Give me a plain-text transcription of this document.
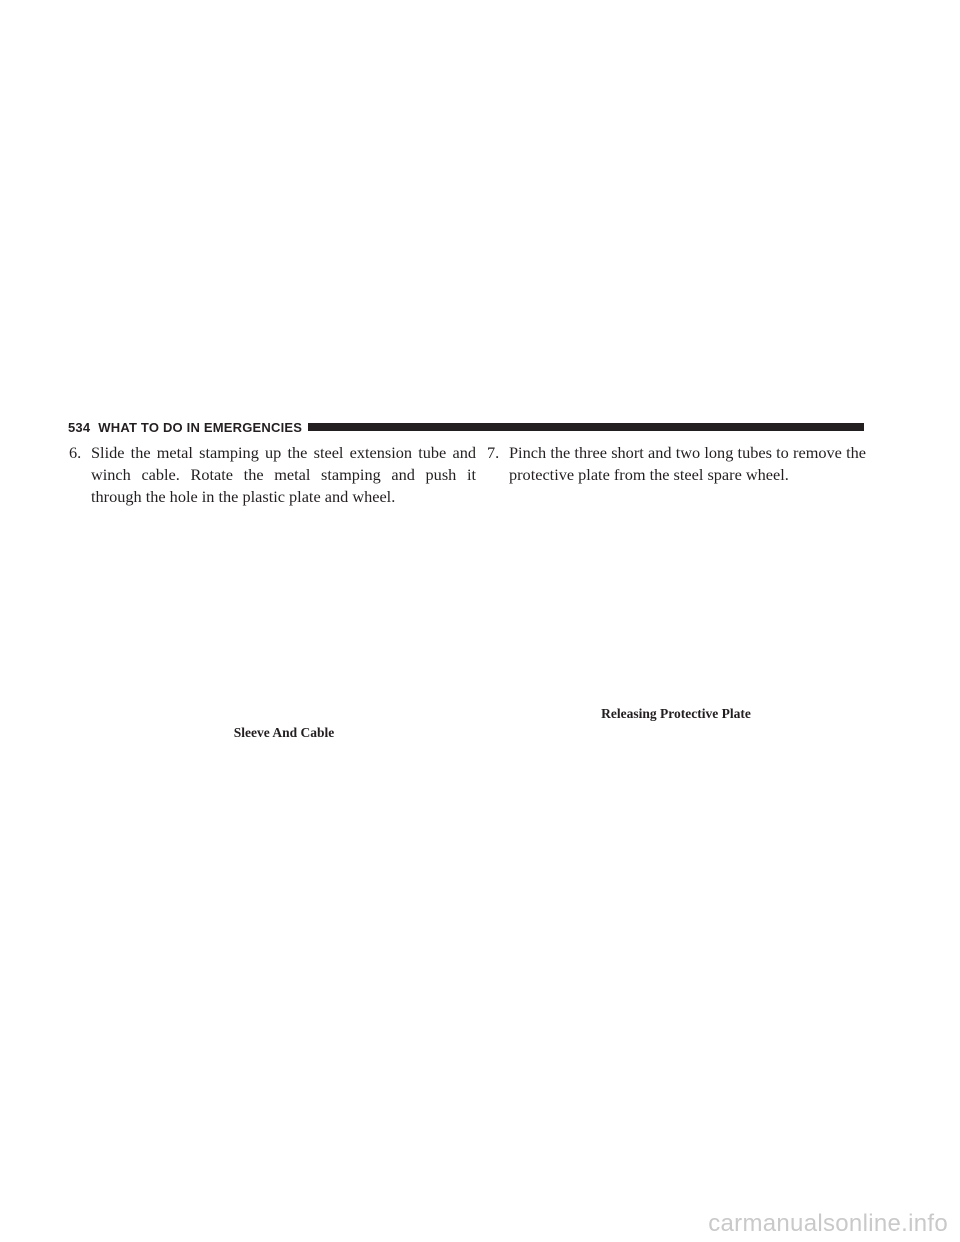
534 WHAT TO DO IN EMERGENCIES

6. Slide the metal stamping up the steel extension tube and winch cable. Rotate the metal stamping and push it through the hole in the plastic plate and wheel.

7. Pinch the three short and two long tubes to remove the protective plate from the steel spare wheel.

Sleeve And Cable
Releasing Protective Plate
carmanualsonline.info
